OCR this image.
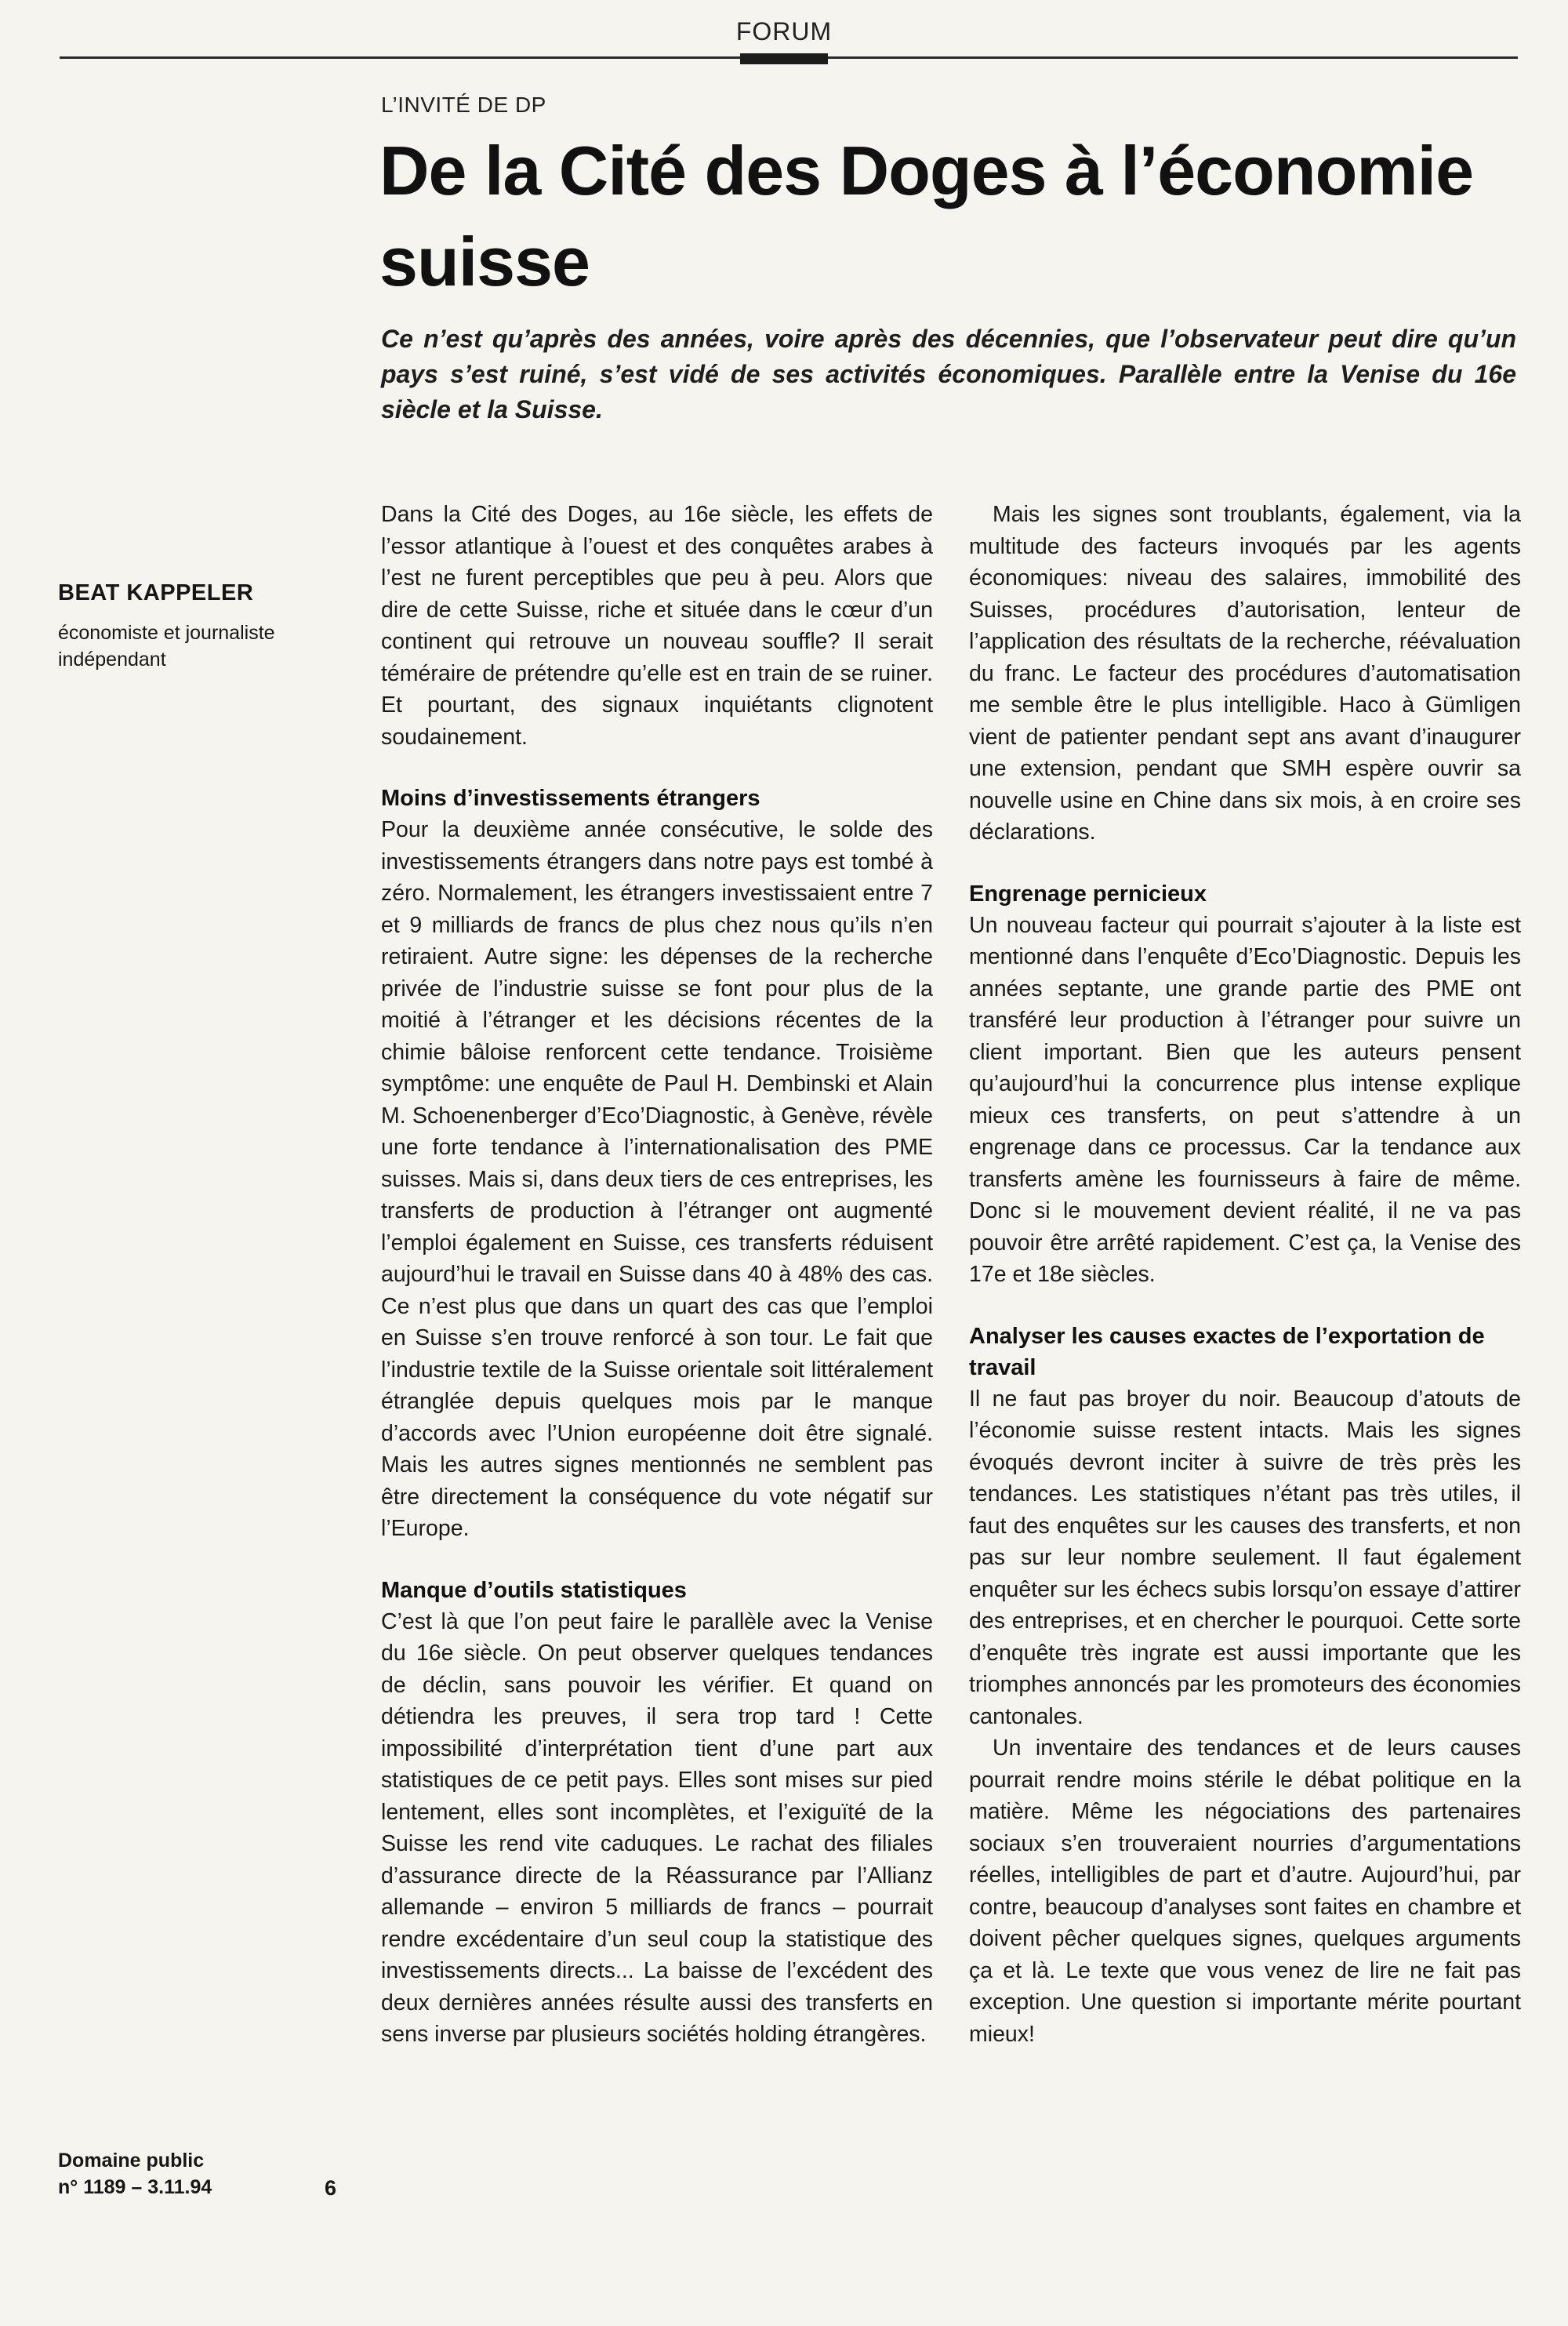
FORUM
L’INVITÉ DE DP
De la Cité des Doges à l’économie suisse

Ce n’est qu’après des années, voire après des décennies, que l’observateur peut dire qu’un pays s’est ruiné, s’est vidé de ses activités économiques. Parallèle entre la Venise du 16e siècle et la Suisse.

BEAT KAPPELER
économiste et journaliste indépendant

Dans la Cité des Doges, au 16e siècle, les effets de l’essor atlantique à l’ouest et des conquêtes arabes à l’est ne furent perceptibles que peu à peu. Alors que dire de cette Suisse, riche et située dans le cœur d’un continent qui retrouve un nouveau souffle? Il serait téméraire de prétendre qu’elle est en train de se ruiner. Et pourtant, des signaux inquiétants clignotent soudainement.

Moins d’investissements étrangers

Pour la deuxième année consécutive, le solde des investissements étrangers dans notre pays est tombé à zéro. Normalement, les étrangers investissaient entre 7 et 9 milliards de francs de plus chez nous qu’ils n’en retiraient. Autre signe: les dépenses de la recherche privée de l’industrie suisse se font pour plus de la moitié à l’étranger et les décisions récentes de la chimie bâloise renforcent cette tendance. Troisième symptôme: une enquête de Paul H. Dembinski et Alain M. Schoenenberger d’Eco’Diagnostic, à Genève, révèle une forte tendance à l’internationalisation des PME suisses. Mais si, dans deux tiers de ces entreprises, les transferts de production à l’étranger ont augmenté l’emploi également en Suisse, ces transferts réduisent aujourd’hui le travail en Suisse dans 40 à 48% des cas. Ce n’est plus que dans un quart des cas que l’emploi en Suisse s’en trouve renforcé à son tour. Le fait que l’industrie textile de la Suisse orientale soit littéralement étranglée depuis quelques mois par le manque d’accords avec l’Union européenne doit être signalé. Mais les autres signes mentionnés ne semblent pas être directement la conséquence du vote négatif sur l’Europe.

Manque d’outils statistiques

C’est là que l’on peut faire le parallèle avec la Venise du 16e siècle. On peut observer quelques tendances de déclin, sans pouvoir les vérifier. Et quand on détiendra les preuves, il sera trop tard ! Cette impossibilité d’interprétation tient d’une part aux statistiques de ce petit pays. Elles sont mises sur pied lentement, elles sont incomplètes, et l’exiguïté de la Suisse les rend vite caduques. Le rachat des filiales d’assurance directe de la Réassurance par l’Allianz allemande – environ 5 milliards de francs – pourrait rendre excédentaire d’un seul coup la statistique des investissements directs... La baisse de l’excédent des deux dernières années résulte aussi des transferts en sens inverse par plusieurs sociétés holding étrangères.

Mais les signes sont troublants, également, via la multitude des facteurs invoqués par les agents économiques: niveau des salaires, immobilité des Suisses, procédures d’autorisation, lenteur de l’application des résultats de la recherche, réévaluation du franc. Le facteur des procédures d’automatisation me semble être le plus intelligible. Haco à Gümligen vient de patienter pendant sept ans avant d’inaugurer une extension, pendant que SMH espère ouvrir sa nouvelle usine en Chine dans six mois, à en croire ses déclarations.

Engrenage pernicieux

Un nouveau facteur qui pourrait s’ajouter à la liste est mentionné dans l’enquête d’Eco’Diagnostic. Depuis les années septante, une grande partie des PME ont transféré leur production à l’étranger pour suivre un client important. Bien que les auteurs pensent qu’aujourd’hui la concurrence plus intense explique mieux ces transferts, on peut s’attendre à un engrenage dans ce processus. Car la tendance aux transferts amène les fournisseurs à faire de même. Donc si le mouvement devient réalité, il ne va pas pouvoir être arrêté rapidement. C’est ça, la Venise des 17e et 18e siècles.

Analyser les causes exactes de l’exportation de travail

Il ne faut pas broyer du noir. Beaucoup d’atouts de l’économie suisse restent intacts. Mais les signes évoqués devront inciter à suivre de très près les tendances. Les statistiques n’étant pas très utiles, il faut des enquêtes sur les causes des transferts, et non pas sur leur nombre seulement. Il faut également enquêter sur les échecs subis lorsqu’on essaye d’attirer des entreprises, et en chercher le pourquoi. Cette sorte d’enquête très ingrate est aussi importante que les triomphes annoncés par les promoteurs des économies cantonales.

Un inventaire des tendances et de leurs causes pourrait rendre moins stérile le débat politique en la matière. Même les négociations des partenaires sociaux s’en trouveraient nourries d’argumentations réelles, intelligibles de part et d’autre. Aujourd’hui, par contre, beaucoup d’analyses sont faites en chambre et doivent pêcher quelques signes, quelques arguments ça et là. Le texte que vous venez de lire ne fait pas exception. Une question si importante mérite pourtant mieux!

Domaine public
n° 1189 – 3.11.94	6
